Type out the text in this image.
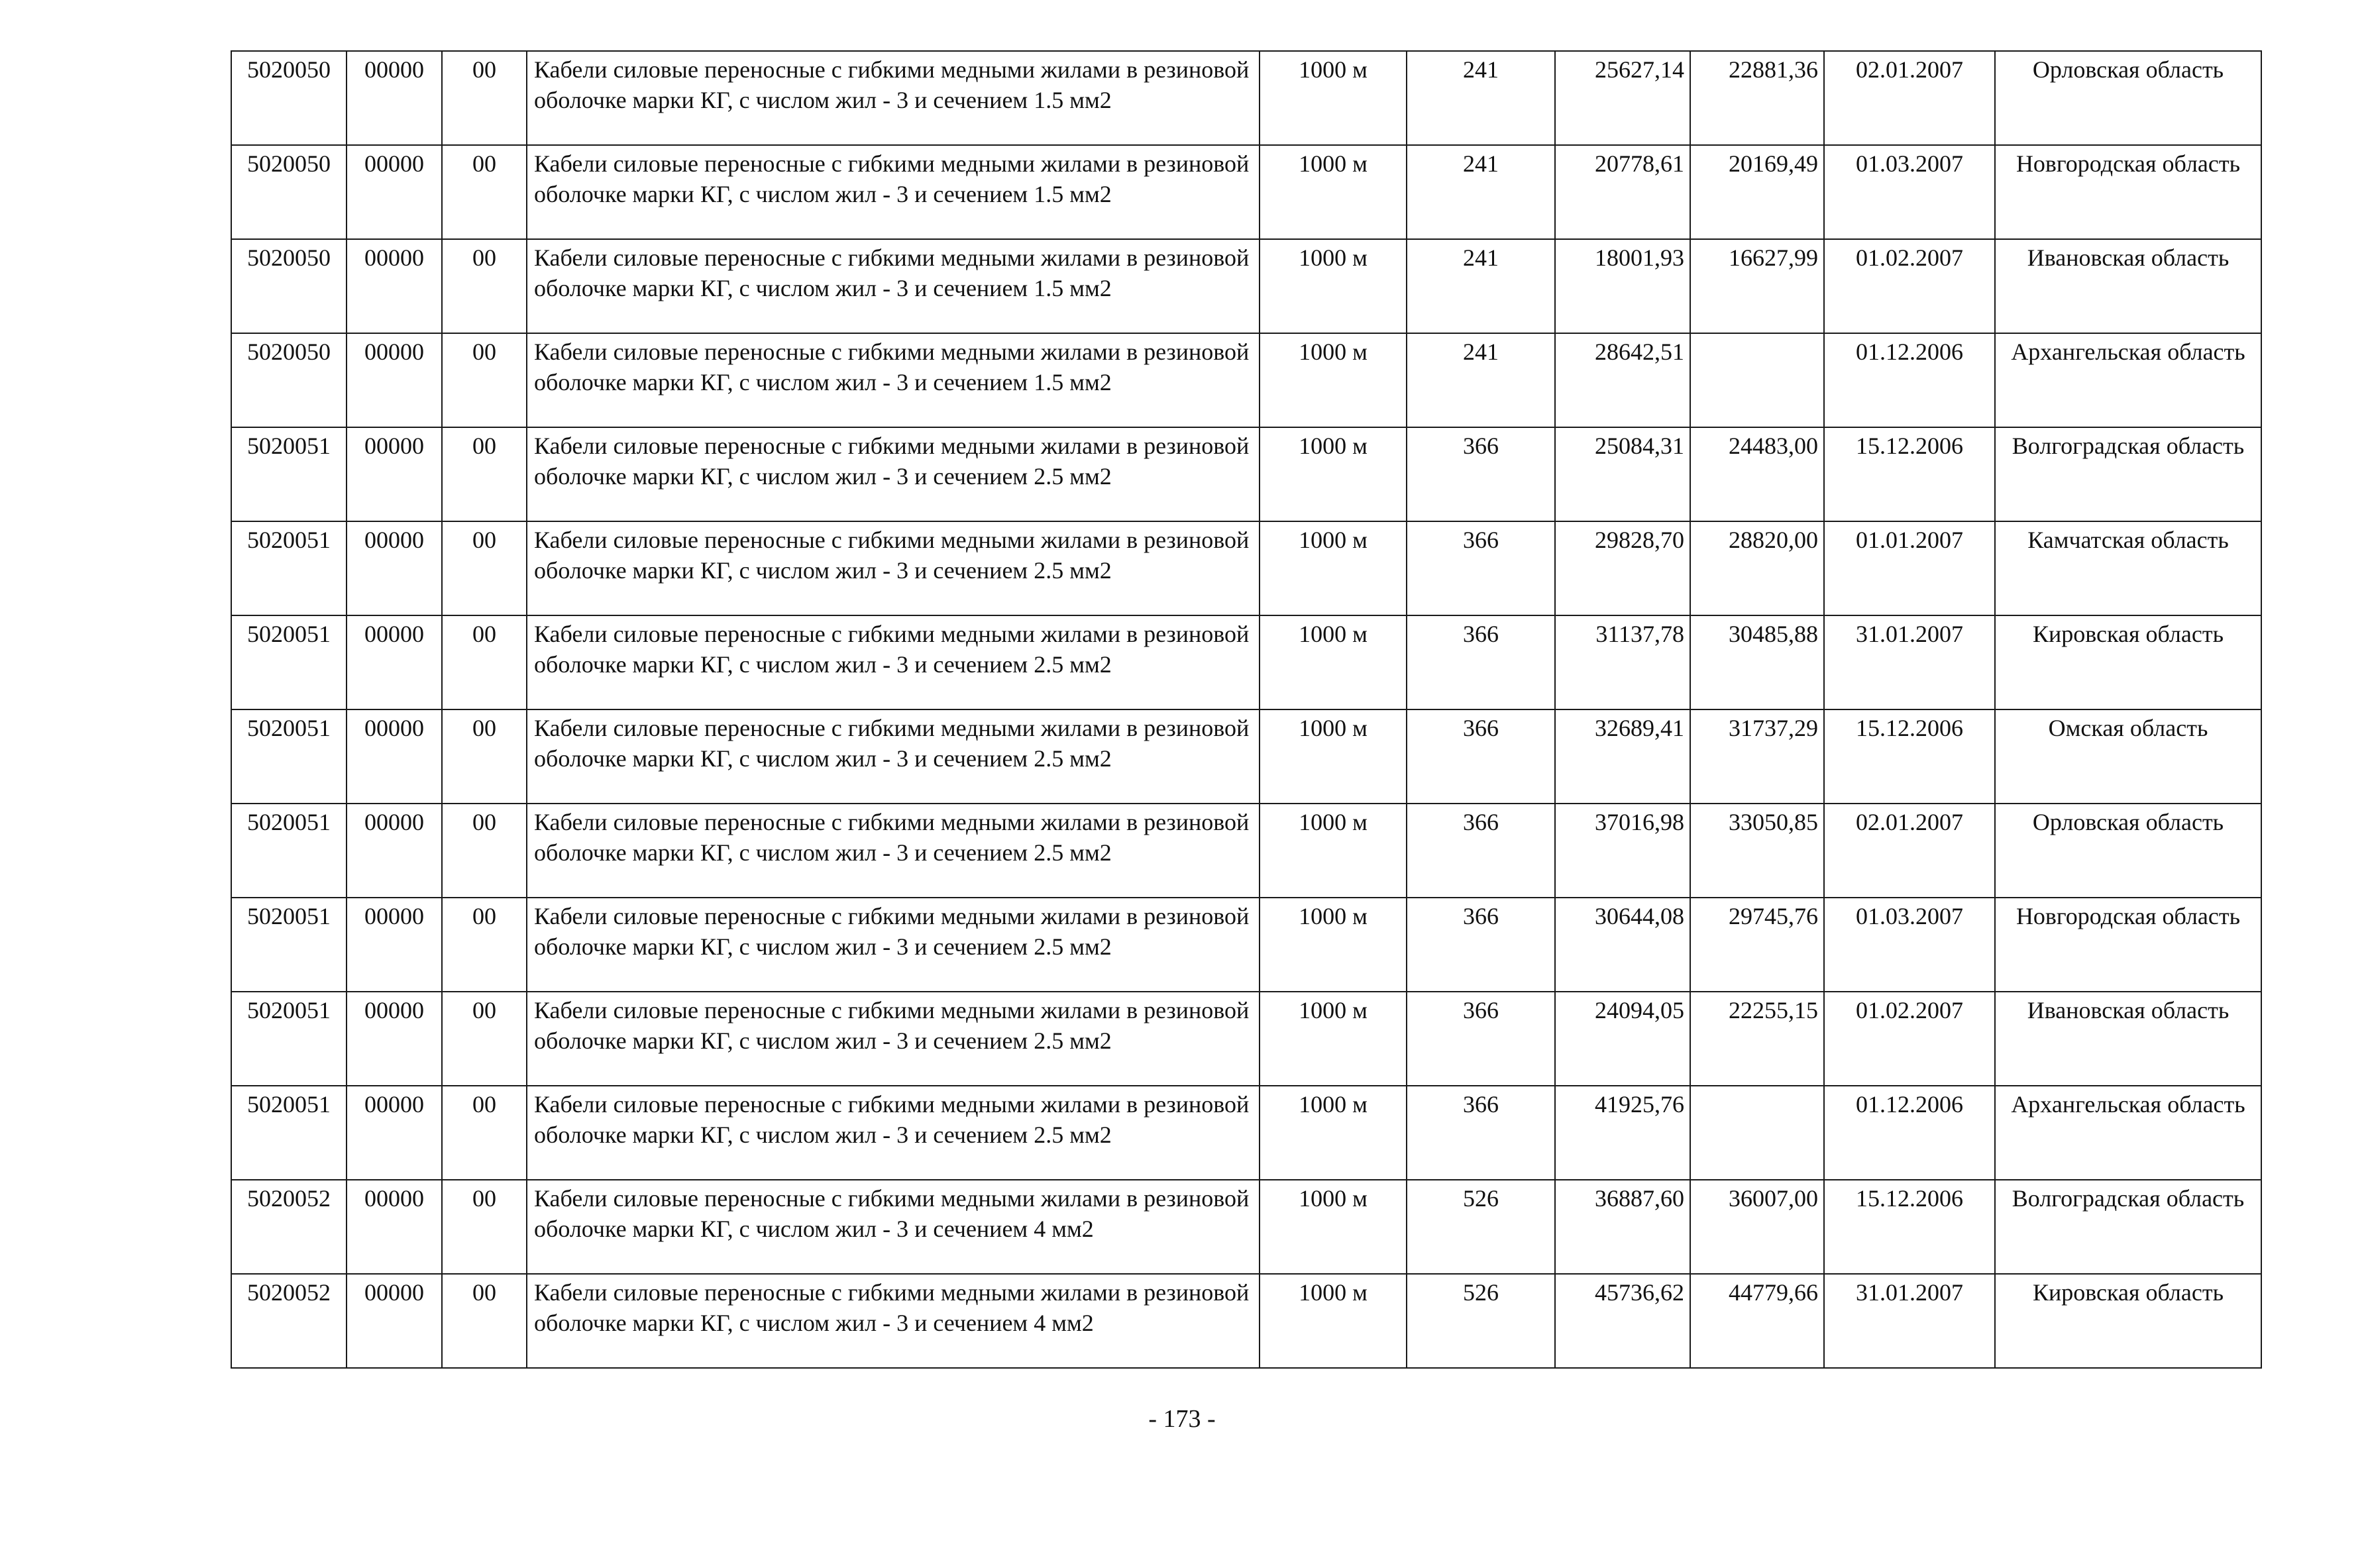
5020050	00000	00	Кабели силовые переносные с гибкими медными жилами в резиновой оболочке марки КГ, с числом жил - 3 и сечением 1.5 мм2	1000 м	241	25627,14	22881,36	02.01.2007	Орловская область
5020050	00000	00	Кабели силовые переносные с гибкими медными жилами в резиновой оболочке марки КГ, с числом жил - 3 и сечением 1.5 мм2	1000 м	241	20778,61	20169,49	01.03.2007	Новгородская область
5020050	00000	00	Кабели силовые переносные с гибкими медными жилами в резиновой оболочке марки КГ, с числом жил - 3 и сечением 1.5 мм2	1000 м	241	18001,93	16627,99	01.02.2007	Ивановская область
5020050	00000	00	Кабели силовые переносные с гибкими медными жилами в резиновой оболочке марки КГ, с числом жил - 3 и сечением 1.5 мм2	1000 м	241	28642,51		01.12.2006	Архангельская область
5020051	00000	00	Кабели силовые переносные с гибкими медными жилами в резиновой оболочке марки КГ, с числом жил - 3 и сечением 2.5 мм2	1000 м	366	25084,31	24483,00	15.12.2006	Волгоградская область
5020051	00000	00	Кабели силовые переносные с гибкими медными жилами в резиновой оболочке марки КГ, с числом жил - 3 и сечением 2.5 мм2	1000 м	366	29828,70	28820,00	01.01.2007	Камчатская область
5020051	00000	00	Кабели силовые переносные с гибкими медными жилами в резиновой оболочке марки КГ, с числом жил - 3 и сечением 2.5 мм2	1000 м	366	31137,78	30485,88	31.01.2007	Кировская область
5020051	00000	00	Кабели силовые переносные с гибкими медными жилами в резиновой оболочке марки КГ, с числом жил - 3 и сечением 2.5 мм2	1000 м	366	32689,41	31737,29	15.12.2006	Омская область
5020051	00000	00	Кабели силовые переносные с гибкими медными жилами в резиновой оболочке марки КГ, с числом жил - 3 и сечением 2.5 мм2	1000 м	366	37016,98	33050,85	02.01.2007	Орловская область
5020051	00000	00	Кабели силовые переносные с гибкими медными жилами в резиновой оболочке марки КГ, с числом жил - 3 и сечением 2.5 мм2	1000 м	366	30644,08	29745,76	01.03.2007	Новгородская область
5020051	00000	00	Кабели силовые переносные с гибкими медными жилами в резиновой оболочке марки КГ, с числом жил - 3 и сечением 2.5 мм2	1000 м	366	24094,05	22255,15	01.02.2007	Ивановская область
5020051	00000	00	Кабели силовые переносные с гибкими медными жилами в резиновой оболочке марки КГ, с числом жил - 3 и сечением 2.5 мм2	1000 м	366	41925,76		01.12.2006	Архангельская область
5020052	00000	00	Кабели силовые переносные с гибкими медными жилами в резиновой оболочке марки КГ, с числом жил - 3 и сечением 4 мм2	1000 м	526	36887,60	36007,00	15.12.2006	Волгоградская область
5020052	00000	00	Кабели силовые переносные с гибкими медными жилами в резиновой оболочке марки КГ, с числом жил - 3 и сечением 4 мм2	1000 м	526	45736,62	44779,66	31.01.2007	Кировская область
- 173 -
